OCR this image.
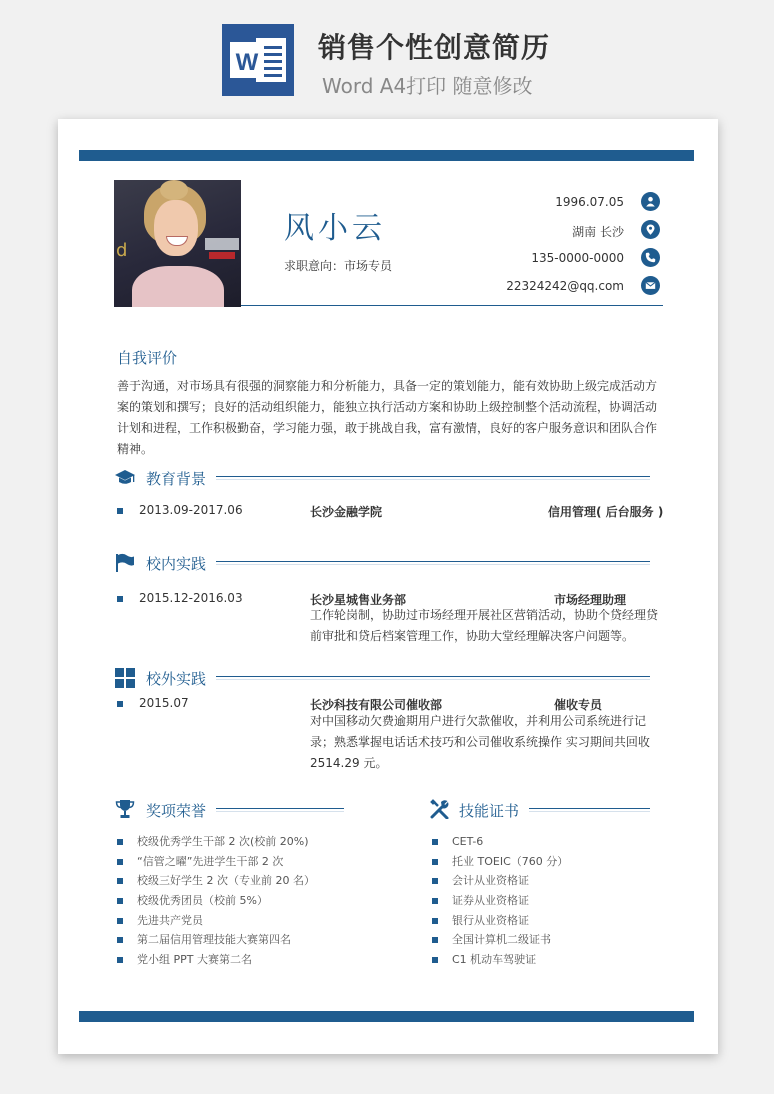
W 销售个性创意简历
Word A4打印 随意修改
d
风小云
求职意向：市场专员
1996.07.05
湖南 长沙
135-0000-0000
22324242@qq.com
自我评价

善于沟通，对市场具有很强的洞察能力和分析能力，具备一定的策划能力，能有效协助上级完成活动方案的策划和撰写；良好的活动组织能力，能独立执行活动方案和协助上级控制整个活动流程，协调活动计划和进程，工作积极勤奋，学习能力强，敢于挑战自我，富有激情，良好的客户服务意识和团队合作精神。

教育背景
2013.09-2017.06	长沙金融学院	信用管理( 后台服务 )
校内实践
2015.12-2016.03	长沙星城售业务部	市场经理助理

工作轮岗制，协助过市场经理开展社区营销活动，协助个贷经理贷前审批和贷后档案管理工作，协助大堂经理解决客户问题等。

校外实践
2015.07	长沙科技有限公司催收部	催收专员

对中国移动欠费逾期用户进行欠款催收，并利用公司系统进行记录；熟悉掌握电话话术技巧和公司催收系统操作 实习期间共回收 2514.29 元。

奖项荣誉
校级优秀学生干部 2 次(校前 20%)
“信管之曜”先进学生干部 2 次
校级三好学生 2 次（专业前 20 名）
校级优秀团员（校前 5%）
先进共产党员
第二届信用管理技能大赛第四名
党小组 PPT 大赛第二名
技能证书
CET-6
托业 TOEIC（760 分）
会计从业资格证
证券从业资格证
银行从业资格证
全国计算机二级证书
C1 机动车驾驶证
